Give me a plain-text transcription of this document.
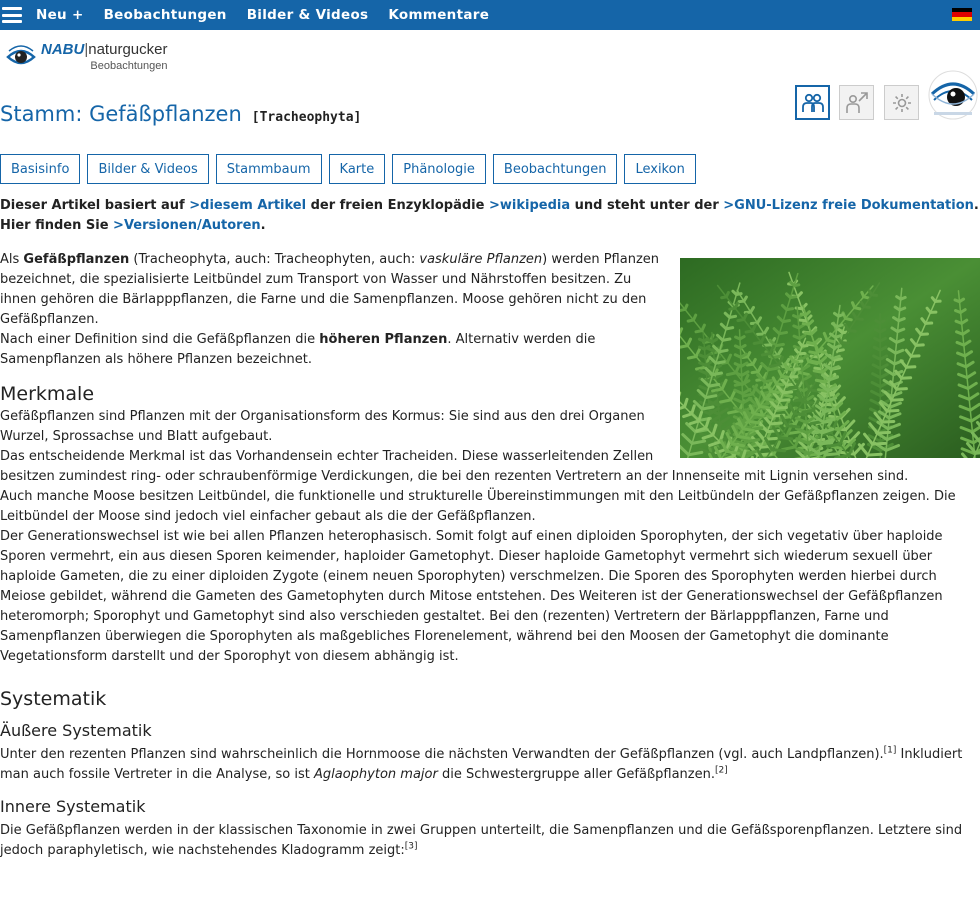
Neu + Beobachtungen Bilder & Videos Kommentare
NABU|naturgucker
Beobachtungen
Stamm: Gefäßpflanzen [Tracheophyta]
Basisinfo	Bilder & Videos	Stammbaum	Karte	Phänologie	Beobachtungen	Lexikon
Dieser Artikel basiert auf >diesem Artikel der freien Enzyklopädie >wikipedia und steht unter der >GNU-Lizenz freie Dokumentation. Hier finden Sie >Versionen/Autoren.

Als Gefäßpflanzen (Tracheophyta, auch: Tracheophyten, auch: vaskuläre Pflanzen) werden Pflanzen bezeichnet, die spezialisierte Leitbündel zum Transport von Wasser und Nährstoffen besitzen. Zu ihnen gehören die Bärlapppflanzen, die Farne und die Samenpflanzen. Moose gehören nicht zu den Gefäßpflanzen.

Nach einer Definition sind die Gefäßpflanzen die höheren Pflanzen. Alternativ werden die Samenpflanzen als höhere Pflanzen bezeichnet.

Merkmale

Gefäßpflanzen sind Pflanzen mit der Organisationsform des Kormus: Sie sind aus den drei Organen Wurzel, Sprossachse und Blatt aufgebaut.

Das entscheidende Merkmal ist das Vorhandensein echter Tracheiden. Diese wasserleitenden Zellen besitzen zumindest ring- oder schraubenförmige Verdickungen, die bei den rezenten Vertretern an der Innenseite mit Lignin versehen sind.

Auch manche Moose besitzen Leitbündel, die funktionelle und strukturelle Übereinstimmungen mit den Leitbündeln der Gefäßpflanzen zeigen. Die Leitbündel der Moose sind jedoch viel einfacher gebaut als die der Gefäßpflanzen.

Der Generationswechsel ist wie bei allen Pflanzen heterophasisch. Somit folgt auf einen diploiden Sporophyten, der sich vegetativ über haploide Sporen vermehrt, ein aus diesen Sporen keimender, haploider Gametophyt. Dieser haploide Gametophyt vermehrt sich wiederum sexuell über haploide Gameten, die zu einer diploiden Zygote (einem neuen Sporophyten) verschmelzen. Die Sporen des Sporophyten werden hierbei durch Meiose gebildet, während die Gameten des Gametophyten durch Mitose entstehen. Des Weiteren ist der Generationswechsel der Gefäßpflanzen heteromorph; Sporophyt und Gametophyt sind also verschieden gestaltet. Bei den (rezenten) Vertretern der Bärlapppflanzen, Farne und Samenpflanzen überwiegen die Sporophyten als maßgebliches Florenelement, während bei den Moosen der Gametophyt die dominante Vegetationsform darstellt und der Sporophyt von diesem abhängig ist.

Systematik
Äußere Systematik

Unter den rezenten Pflanzen sind wahrscheinlich die Hornmoose die nächsten Verwandten der Gefäßpflanzen (vgl. auch Landpflanzen).[1] Inkludiert man auch fossile Vertreter in die Analyse, so ist Aglaophyton major die Schwestergruppe aller Gefäßpflanzen.[2]

Innere Systematik

Die Gefäßpflanzen werden in der klassischen Taxonomie in zwei Gruppen unterteilt, die Samenpflanzen und die Gefäßsporenpflanzen. Letztere sind jedoch paraphyletisch, wie nachstehendes Kladogramm zeigt:[3]
